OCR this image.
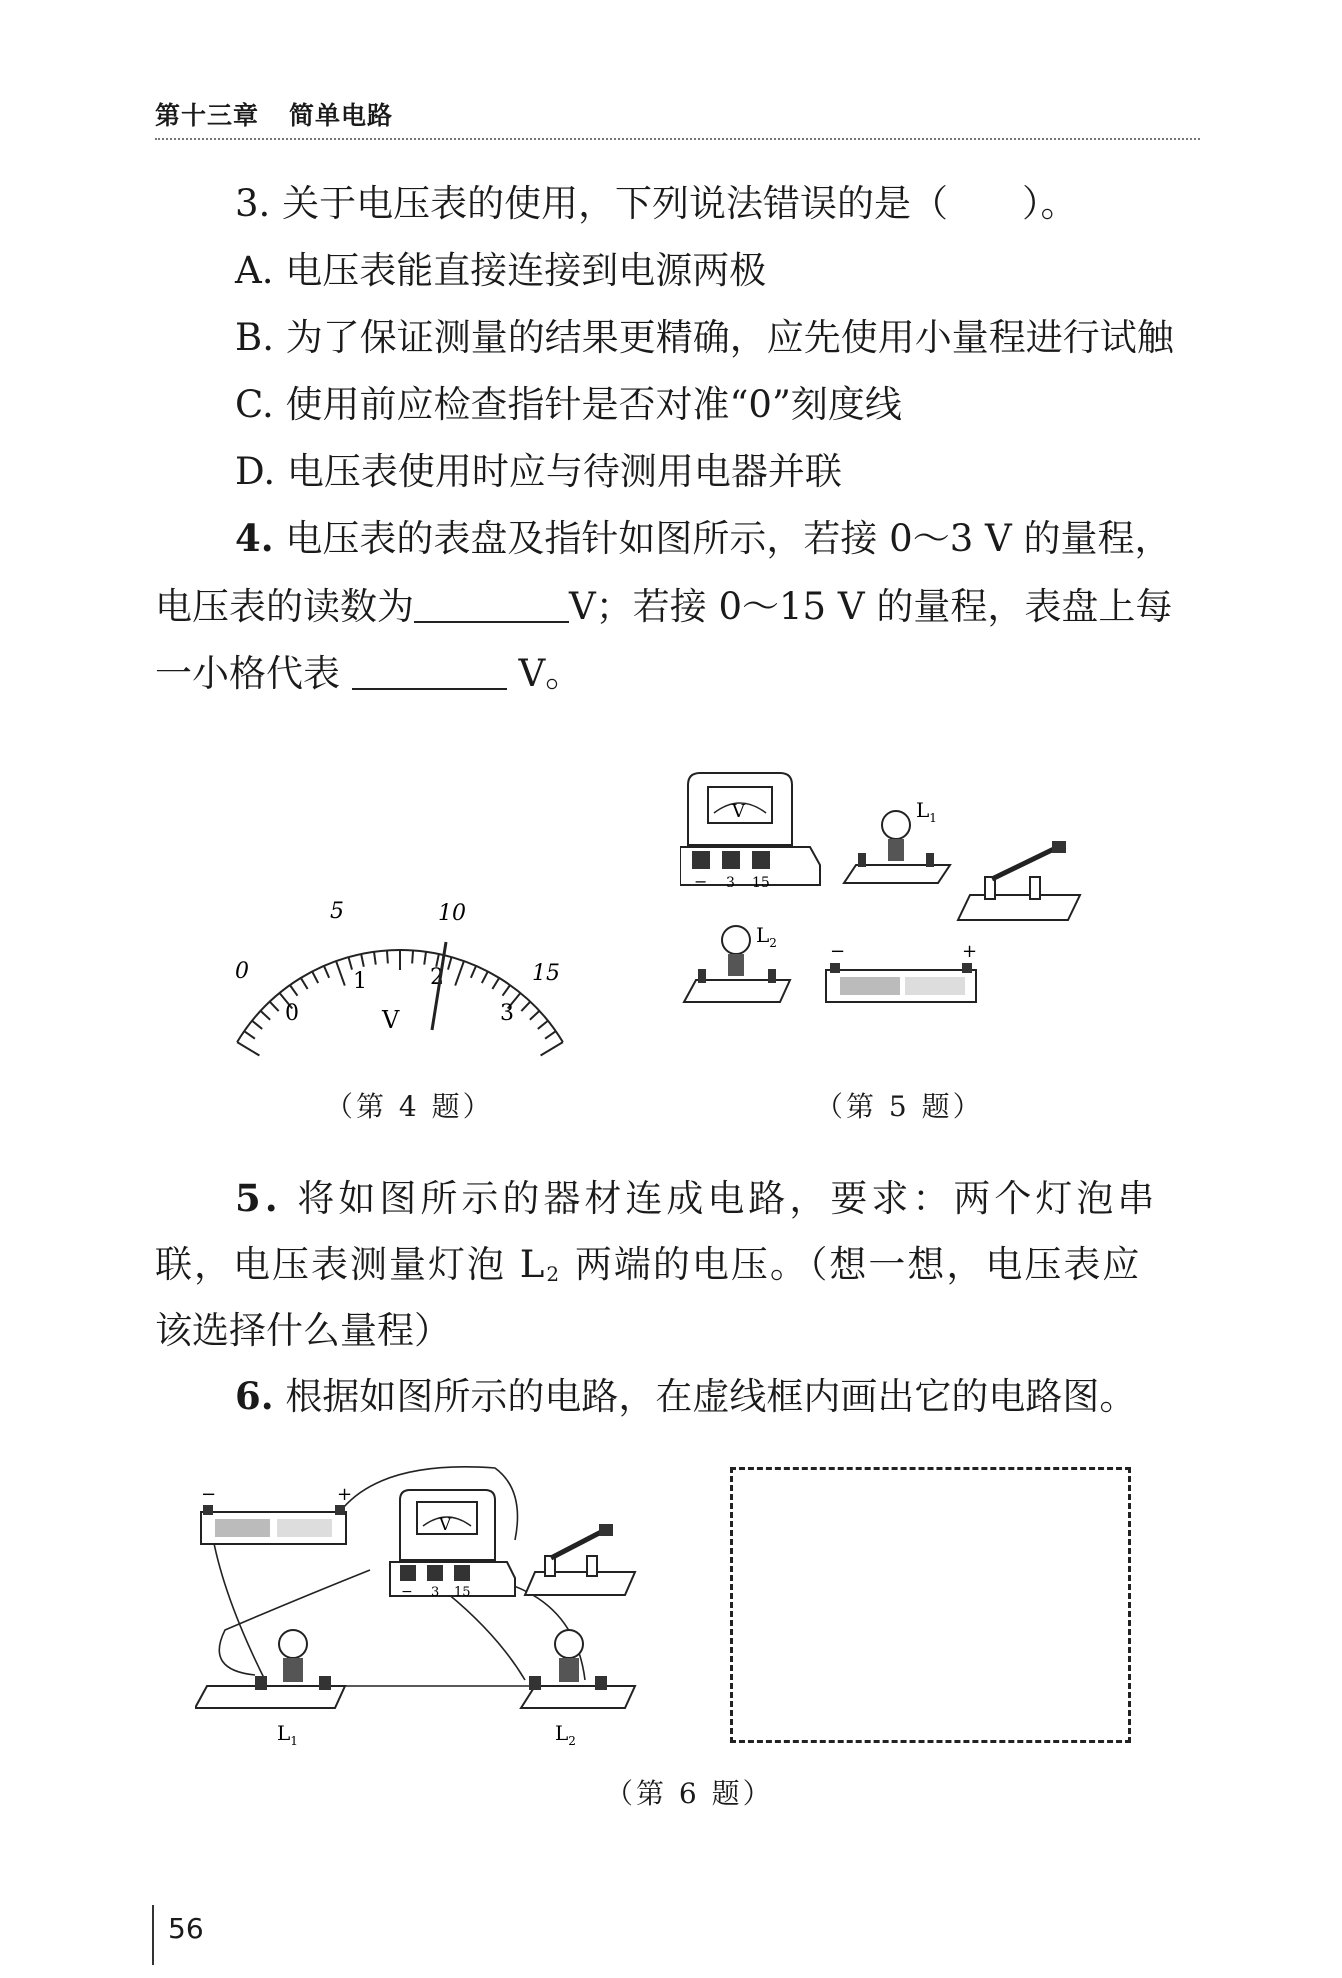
第十三章 简单电路
3. 关于电压表的使用，下列说法错误的是（　　）。
A. 电压表能直接连接到电源两极
B. 为了保证测量的结果更精确，应先使用小量程进行试触
C. 使用前应检查指针是否对准“0”刻度线
D. 电压表使用时应与待测用电器并联
4. 电压表的表盘及指针如图所示，若接 0～3 V 的量程，
电压表的读数为	V；若接 0～15 V 的量程，表盘上每
一小格代表	V。
0
5	10
15
0
1	2
3
V
（第 4 题）
V
− 3 15
$L_1$
$L_2$	−	+
（第 5 题）
5. 将如图所示的器材连成电路，要求：两个灯泡串
联，电压表测量灯泡 $L_2$ 两端的电压。（想一想，电压表应
该选择什么量程）
6. 根据如图所示的电路，在虚线框内画出它的电路图。
−	+
V
− 3 15
$L_1$	$L_2$
（第 6 题）
56
